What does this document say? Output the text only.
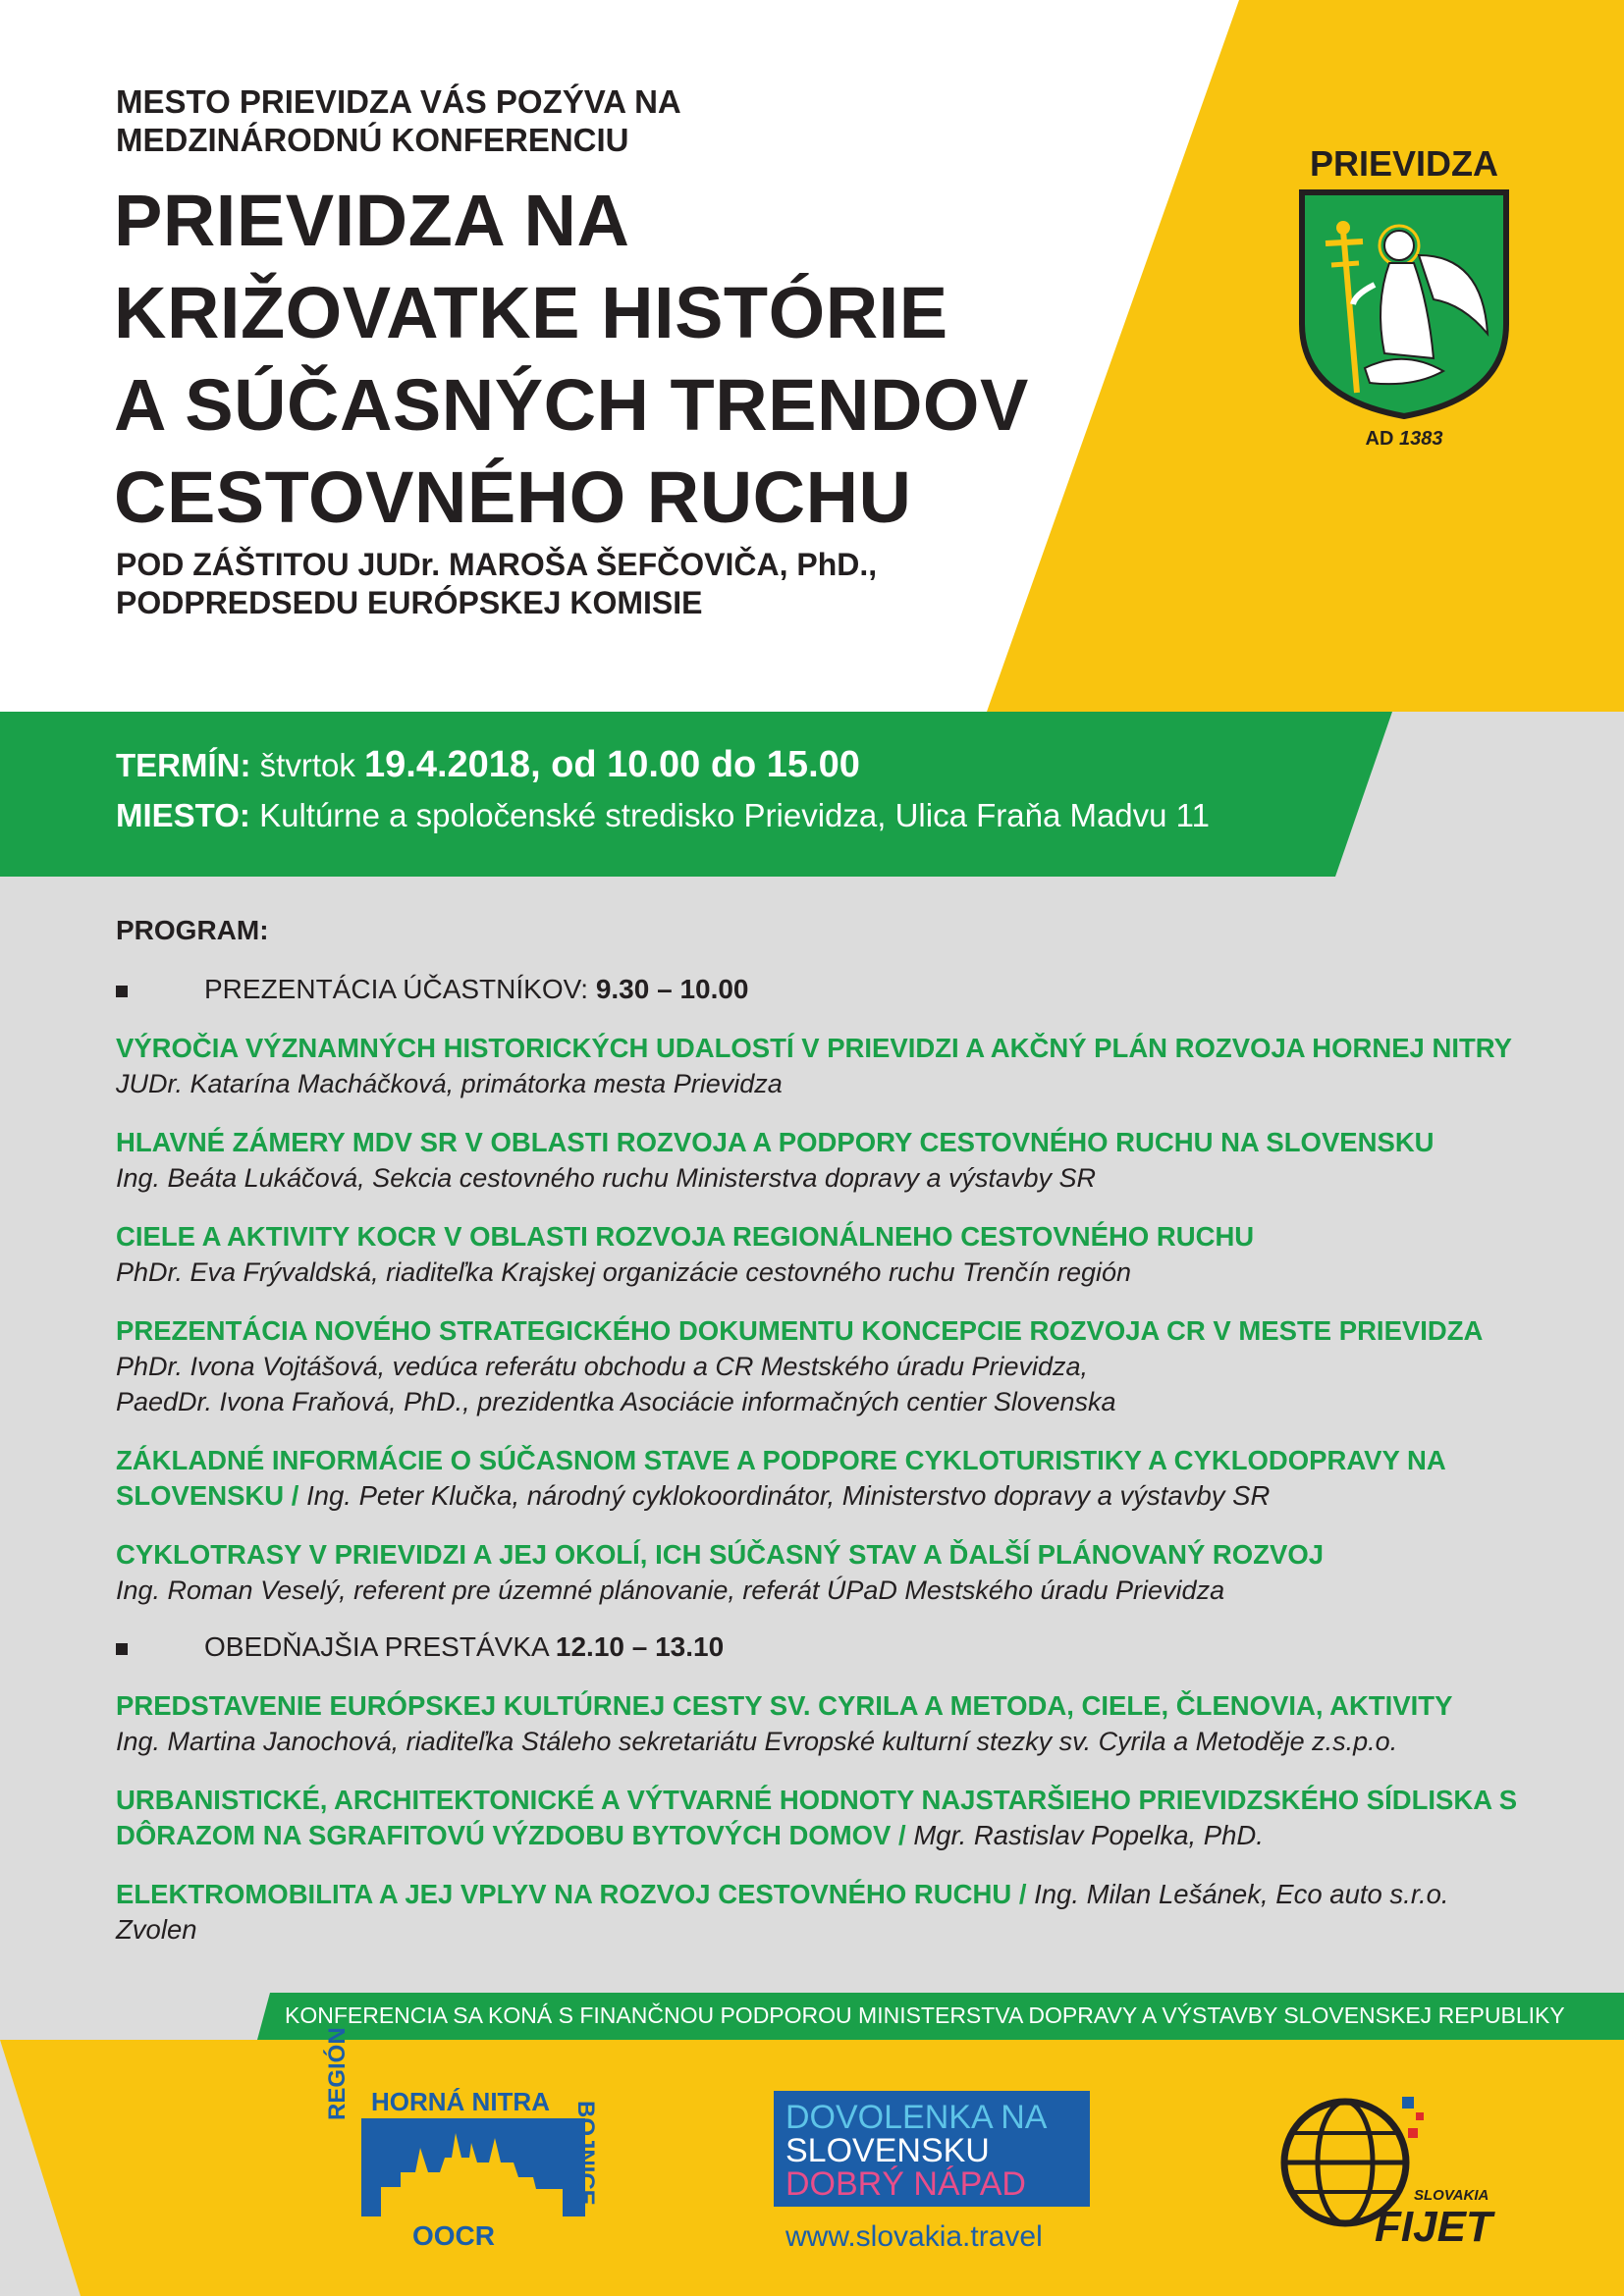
MESTO PRIEVIDZA VÁS POZÝVA NA
MEDZINÁRODNÚ KONFERENCIU
PRIEVIDZA NA
KRIŽOVATKE HISTÓRIE
A SÚČASNÝCH TRENDOV
CESTOVNÉHO RUCHU
POD ZÁŠTITOU JUDr. MAROŠA ŠEFČOVIČA, PhD.,
PODPREDSEDU EURÓPSKEJ KOMISIE
PRIEVIDZA
AD 1383
TERMÍN: štvrtok 19.4.2018, od 10.00 do 15.00
MIESTO: Kultúrne a spoločenské stredisko Prievidza, Ulica Fraňa Madvu 11
PROGRAM:
PREZENTÁCIA ÚČASTNÍKOV: 9.30 – 10.00
VÝROČIA VÝZNAMNÝCH HISTORICKÝCH UDALOSTÍ V PRIEVIDZI A AKČNÝ PLÁN ROZVOJA HORNEJ NITRY
JUDr. Katarína Macháčková, primátorka mesta Prievidza
HLAVNÉ ZÁMERY MDV SR V OBLASTI ROZVOJA A PODPORY CESTOVNÉHO RUCHU NA SLOVENSKU
Ing. Beáta Lukáčová, Sekcia cestovného ruchu Ministerstva dopravy a výstavby SR
CIELE A AKTIVITY KOCR V OBLASTI ROZVOJA REGIONÁLNEHO CESTOVNÉHO RUCHU
PhDr. Eva Frývaldská, riaditeľka Krajskej organizácie cestovného ruchu Trenčín región
PREZENTÁCIA NOVÉHO STRATEGICKÉHO DOKUMENTU KONCEPCIE ROZVOJA CR V MESTE PRIEVIDZA
PhDr. Ivona Vojtášová, vedúca referátu obchodu a CR Mestského úradu Prievidza,
PaedDr. Ivona Fraňová, PhD., prezidentka Asociácie informačných centier Slovenska
ZÁKLADNÉ INFORMÁCIE O SÚČASNOM STAVE A PODPORE CYKLOTURISTIKY A CYKLODOPRAVY NA
SLOVENSKU / Ing. Peter Klučka, národný cyklokoordinátor, Ministerstvo dopravy a výstavby SR
CYKLOTRASY V PRIEVIDZI A JEJ OKOLÍ, ICH SÚČASNÝ STAV A ĎALŠÍ PLÁNOVANÝ ROZVOJ
Ing. Roman Veselý, referent pre územné plánovanie, referát ÚPaD Mestského úradu Prievidza
OBEDŇAJŠIA PRESTÁVKA 12.10 – 13.10
PREDSTAVENIE EURÓPSKEJ KULTÚRNEJ CESTY SV. CYRILA A METODA, CIELE, ČLENOVIA, AKTIVITY
Ing. Martina Janochová, riaditeľka Stáleho sekretariátu Evropské kulturní stezky sv. Cyrila a Metoděje z.s.p.o.
URBANISTICKÉ, ARCHITEKTONICKÉ A VÝTVARNÉ HODNOTY NAJSTARŠIEHO PRIEVIDZSKÉHO SÍDLISKA S
DÔRAZOM NA SGRAFITOVÚ VÝZDOBU BYTOVÝCH DOMOV / Mgr. Rastislav Popelka, PhD.
ELEKTROMOBILITA A JEJ VPLYV NA ROZVOJ CESTOVNÉHO RUCHU / Ing. Milan Lešánek, Eco auto s.r.o. Zvolen
KONFERENCIA SA KONÁ S FINANČNOU PODPOROU MINISTERSTVA DOPRAVY A VÝSTAVBY SLOVENSKEJ REPUBLIKY
HORNÁ NITRA
REGIÓN
BOJNICE
OOCR
DOVOLENKA NA
SLOVENSKU
DOBRÝ NÁPAD
www.slovakia.travel
SLOVAKIA
FIJET
